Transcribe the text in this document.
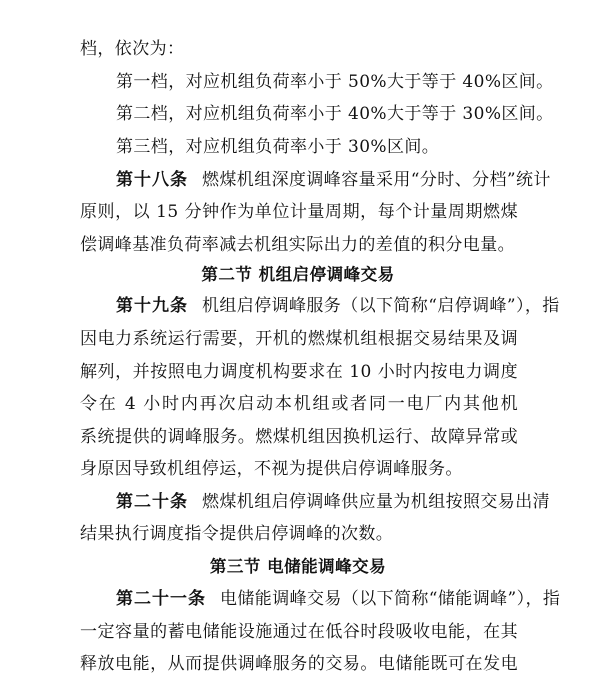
档，依次为：
第一档，对应机组负荷率小于 50%大于等于 40%区间。
第二档，对应机组负荷率小于 40%大于等于 30%区间。
第三档，对应机组负荷率小于 30%区间。
第十八条 燃煤机组深度调峰容量采用“分时、分档”统计
原则，以 15 分钟作为单位计量周期，每个计量周期燃煤
偿调峰基准负荷率减去机组实际出力的差值的积分电量。
第二节 机组启停调峰交易
第十九条 机组启停调峰服务（以下简称“启停调峰”），指
因电力系统运行需要，开机的燃煤机组根据交易结果及调
解列，并按照电力调度机构要求在 10 小时内按电力调度
令在 4 小时内再次启动本机组或者同一电厂内其他机
系统提供的调峰服务。燃煤机组因换机运行、故障异常或
身原因导致机组停运，不视为提供启停调峰服务。
第二十条 燃煤机组启停调峰供应量为机组按照交易出清
结果执行调度指令提供启停调峰的次数。
第三节 电储能调峰交易
第二十一条 电储能调峰交易（以下简称“储能调峰”），指
一定容量的蓄电储能设施通过在低谷时段吸收电能，在其
释放电能，从而提供调峰服务的交易。电储能既可在发电
